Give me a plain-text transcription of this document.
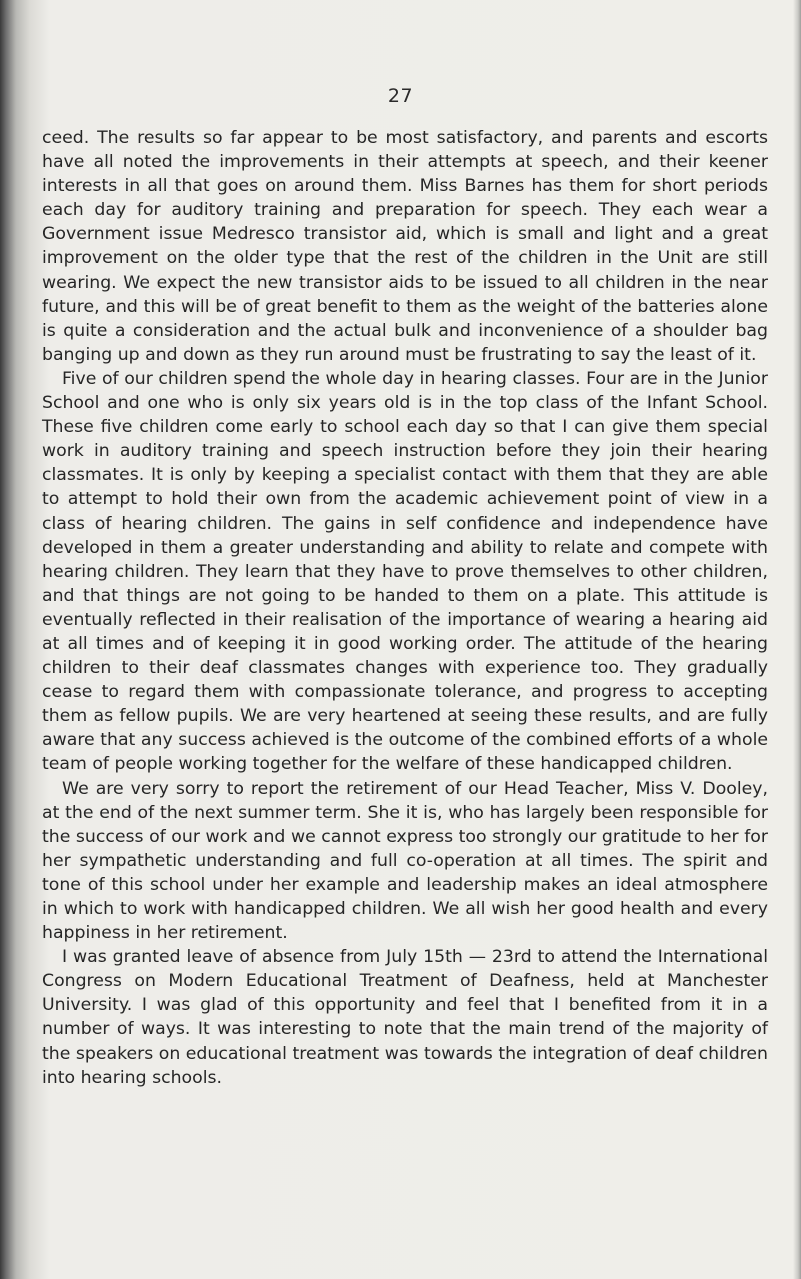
27

ceed. The results so far appear to be most satisfactory, and parents and escorts have all noted the improvements in their attempts at speech, and their keener interests in all that goes on around them. Miss Barnes has them for short periods each day for auditory training and preparation for speech. They each wear a Government issue Medresco transistor aid, which is small and light and a great improvement on the older type that the rest of the children in the Unit are still wearing. We expect the new transistor aids to be issued to all children in the near future, and this will be of great benefit to them as the weight of the batteries alone is quite a consideration and the actual bulk and inconvenience of a shoulder bag banging up and down as they run around must be frustrating to say the least of it.

Five of our children spend the whole day in hearing classes. Four are in the Junior School and one who is only six years old is in the top class of the Infant School. These five children come early to school each day so that I can give them special work in auditory training and speech instruction before they join their hearing classmates. It is only by keeping a specialist contact with them that they are able to attempt to hold their own from the academic achievement point of view in a class of hearing children. The gains in self confidence and independence have developed in them a greater understanding and ability to relate and compete with hearing children. They learn that they have to prove themselves to other children, and that things are not going to be handed to them on a plate. This attitude is eventually reflected in their realisation of the importance of wearing a hearing aid at all times and of keeping it in good working order. The attitude of the hearing children to their deaf classmates changes with experience too. They gradually cease to regard them with compassionate tolerance, and progress to accepting them as fellow pupils. We are very heartened at seeing these results, and are fully aware that any success achieved is the outcome of the combined efforts of a whole team of people working together for the welfare of these handicapped children.

We are very sorry to report the retirement of our Head Teacher, Miss V. Dooley, at the end of the next summer term. She it is, who has largely been responsible for the success of our work and we cannot express too strongly our gratitude to her for her sympathetic understanding and full co-operation at all times. The spirit and tone of this school under her example and leadership makes an ideal atmosphere in which to work with handicapped children. We all wish her good health and every happiness in her retirement.

I was granted leave of absence from July 15th — 23rd to attend the International Congress on Modern Educational Treatment of Deafness, held at Manchester University. I was glad of this opportunity and feel that I benefited from it in a number of ways. It was interesting to note that the main trend of the majority of the speakers on educational treatment was towards the integration of deaf children into hearing schools.
